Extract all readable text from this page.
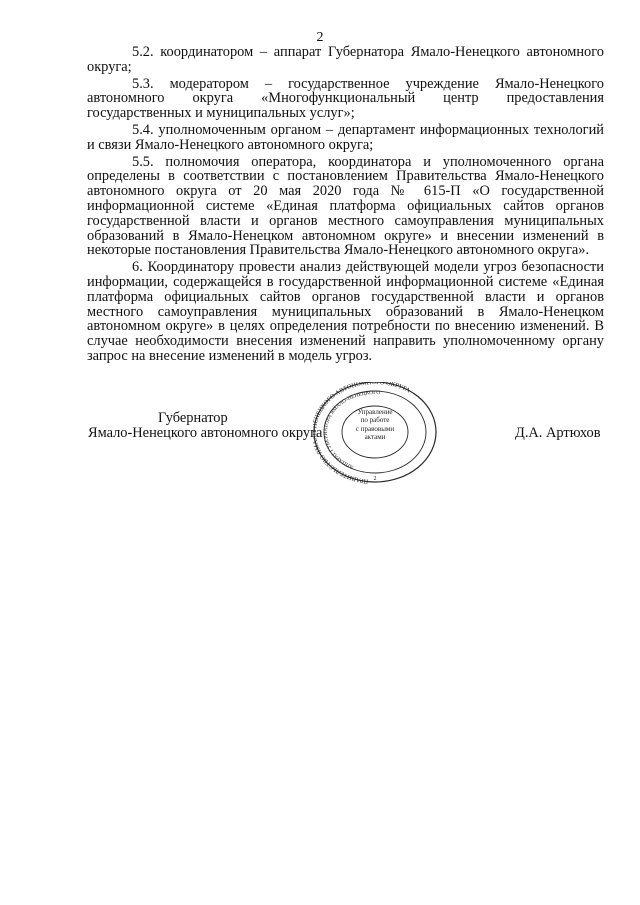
2

5.2. координатором – аппарат Губернатора Ямало-Ненецкого автономного округа;

5.3. модератором – государственное учреждение Ямало-Ненецкого автономного округа «Многофункциональный центр предоставления государственных и муниципальных услуг»;

5.4. уполномоченным органом – департамент информационных технологий и связи Ямало-Ненецкого автономного округа;

5.5. полномочия оператора, координатора и уполномоченного органа определены в соответствии с постановлением Правительства Ямало-Ненецкого автономного округа от 20 мая 2020 года № 615-П «О государственной информационной системе «Единая платформа официальных сайтов органов государственной власти и органов местного самоуправления муниципальных образований в Ямало-Ненецком автономном округе» и внесении изменений в некоторые постановления Правительства Ямало-Ненецкого автономного округа».

6. Координатору провести анализ действующей модели угроз безопасности информации, содержащейся в государственной информационной системе «Единая платформа официальных сайтов органов государственной власти и органов местного самоуправления муниципальных образований в Ямало-Ненецком автономном округе» в целях определения потребности по внесению изменений. В случае необходимости внесения изменений направить уполномоченному органу запрос на внесение изменений в модель угроз.

Губернатор
Ямало-Ненецкого автономного округа	Д.А. Артюхов
ПРАВИТЕЛЬСТВО ЯМ НЕЦКОГО АВТОНОМНОГО ОКРУГА
АППАРАТ ГУБЕРНАТОРА ЯМАЛО-НЕНЕЦКОГО
2
Управление
по работе
с правовыми
актами
